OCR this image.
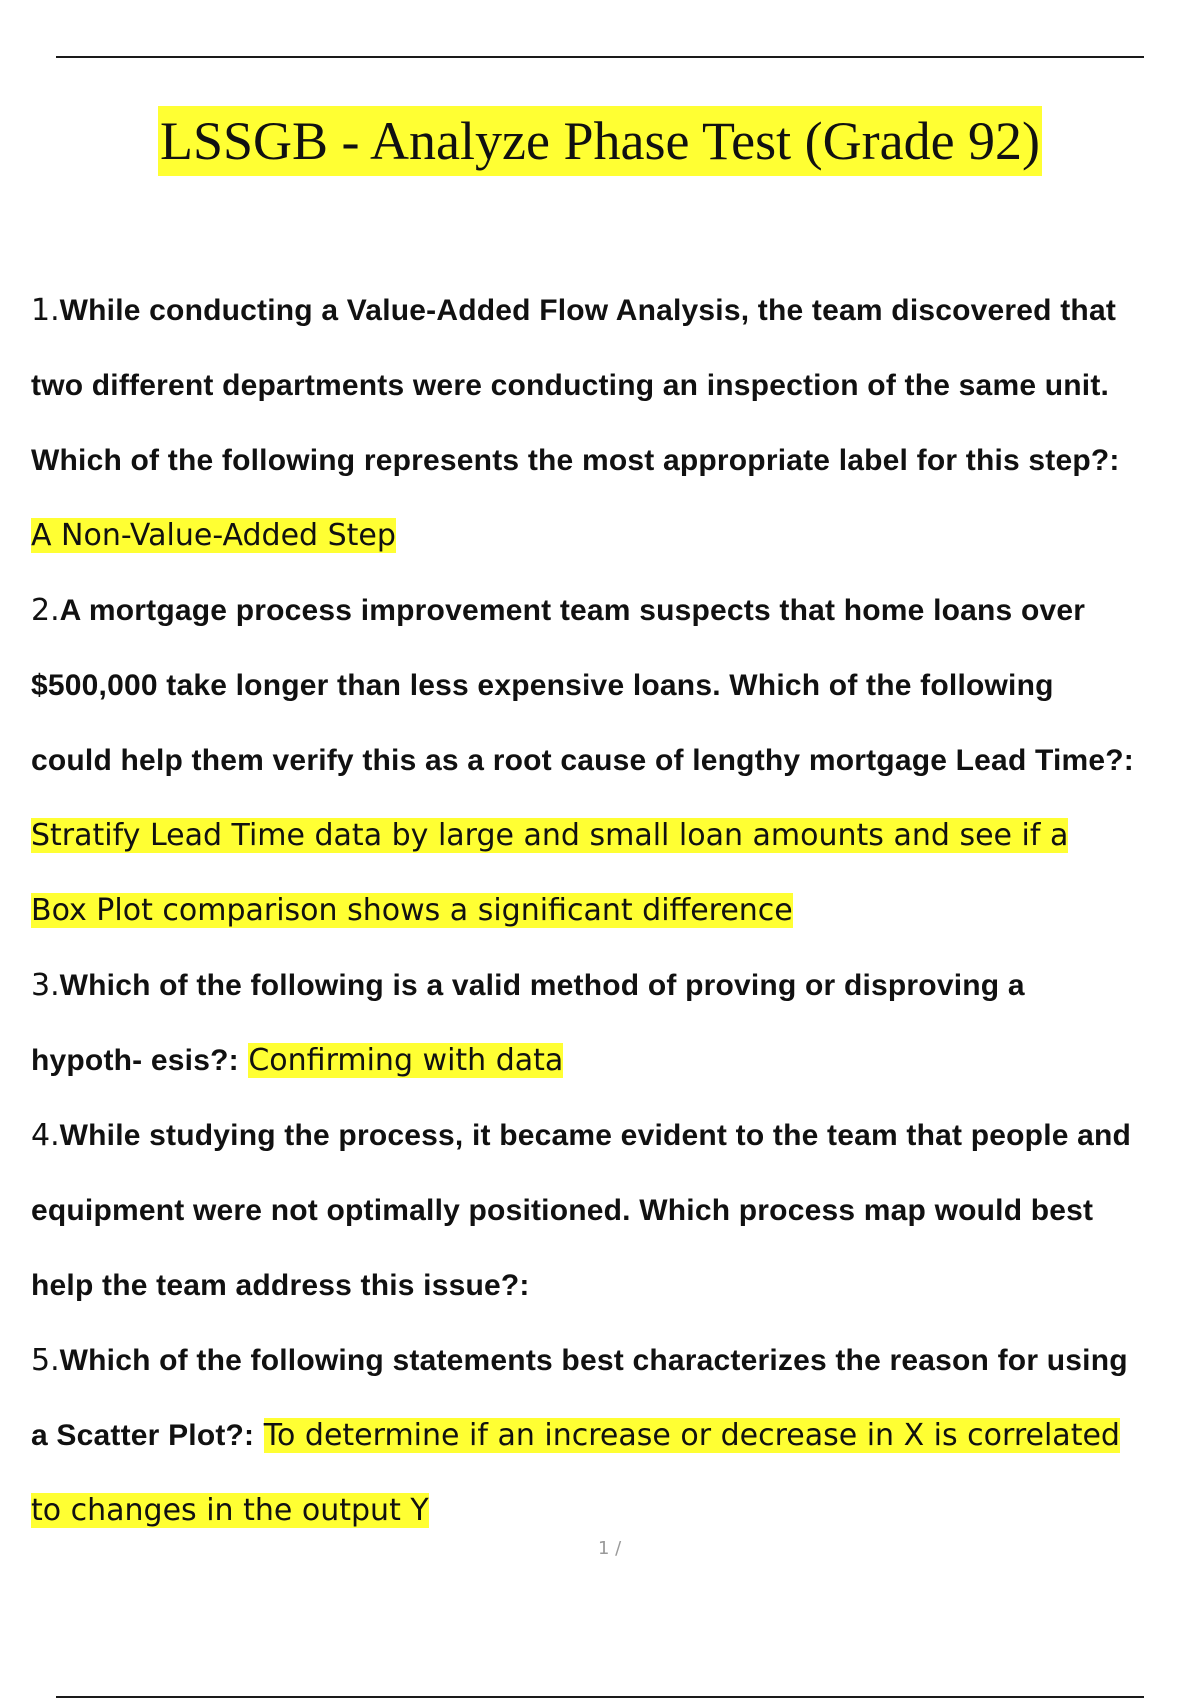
LSSGB - Analyze Phase Test (Grade 92)
1.While conducting a Value-Added Flow Analysis, the team discovered that
two different departments were conducting an inspection of the same unit.
Which of the following represents the most appropriate label for this step?:
A Non-Value-Added Step
2.A mortgage process improvement team suspects that home loans over
$500,000 take longer than less expensive loans. Which of the following
could help them verify this as a root cause of lengthy mortgage Lead Time?:
Stratify Lead Time data by large and small loan amounts and see if a
Box Plot comparison shows a significant difference
3.Which of the following is a valid method of proving or disproving a
hypoth- esis?: Confirming with data
4.While studying the process, it became evident to the team that people and
equipment were not optimally positioned. Which process map would best
help the team address this issue?:
5.Which of the following statements best characterizes the reason for using
a Scatter Plot?: To determine if an increase or decrease in X is correlated
to changes in the output Y
1 /
